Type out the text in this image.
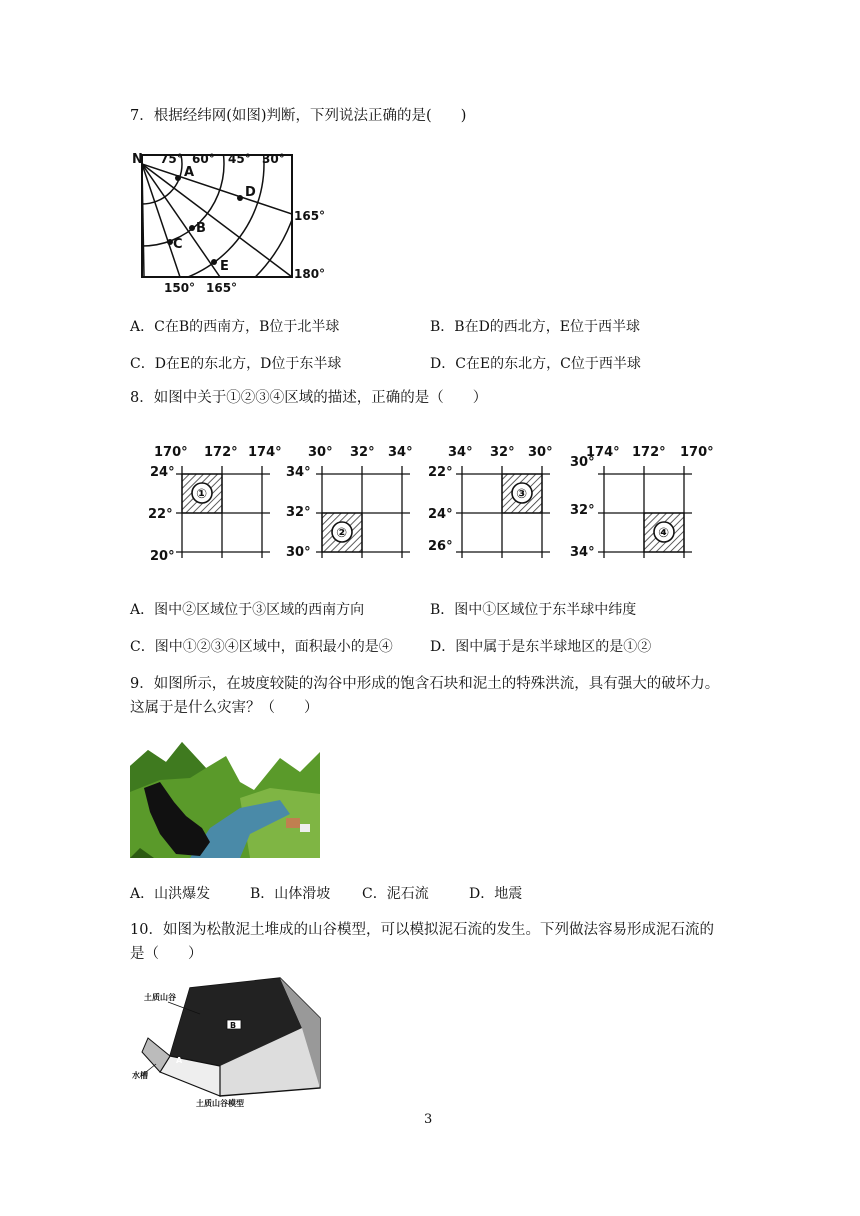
7．根据经纬网(如图)判断，下列说法正确的是(　　)
N 75° 60° 45° 30°
165°
180°
150° 165°
A
B
C
D
E
A．C在B的西南方，B位于北半球	B．B在D的西北方，E位于西半球
C．D在E的东北方，D位于东半球	D．C在E的东北方，C位于西半球
8．如图中关于①②③④区域的描述，正确的是（　　）
①
170° 172° 174°
24°
22°
20°
②
30° 32° 34°
34°
32°
30°
③
34° 32° 30°
22°
24°
26°
④
174° 172° 170°
30°
32°
34°
A．图中②区域位于③区域的西南方向	B．图中①区域位于东半球中纬度
C．图中①②③④区域中，面积最小的是④	D．图中属于是东半球地区的是①②
9．如图所示，在坡度较陡的沟谷中形成的饱含石块和泥土的特殊洪流，具有强大的破坏力。
这属于是什么灾害？（　　）
A．山洪爆发	B．山体滑坡 C．泥石流	D．地震
10．如图为松散泥土堆成的山谷模型，可以模拟泥石流的发生。下列做法容易形成泥石流的
是（　　）
B
A
土质山谷
水槽
土质山谷模型
3
